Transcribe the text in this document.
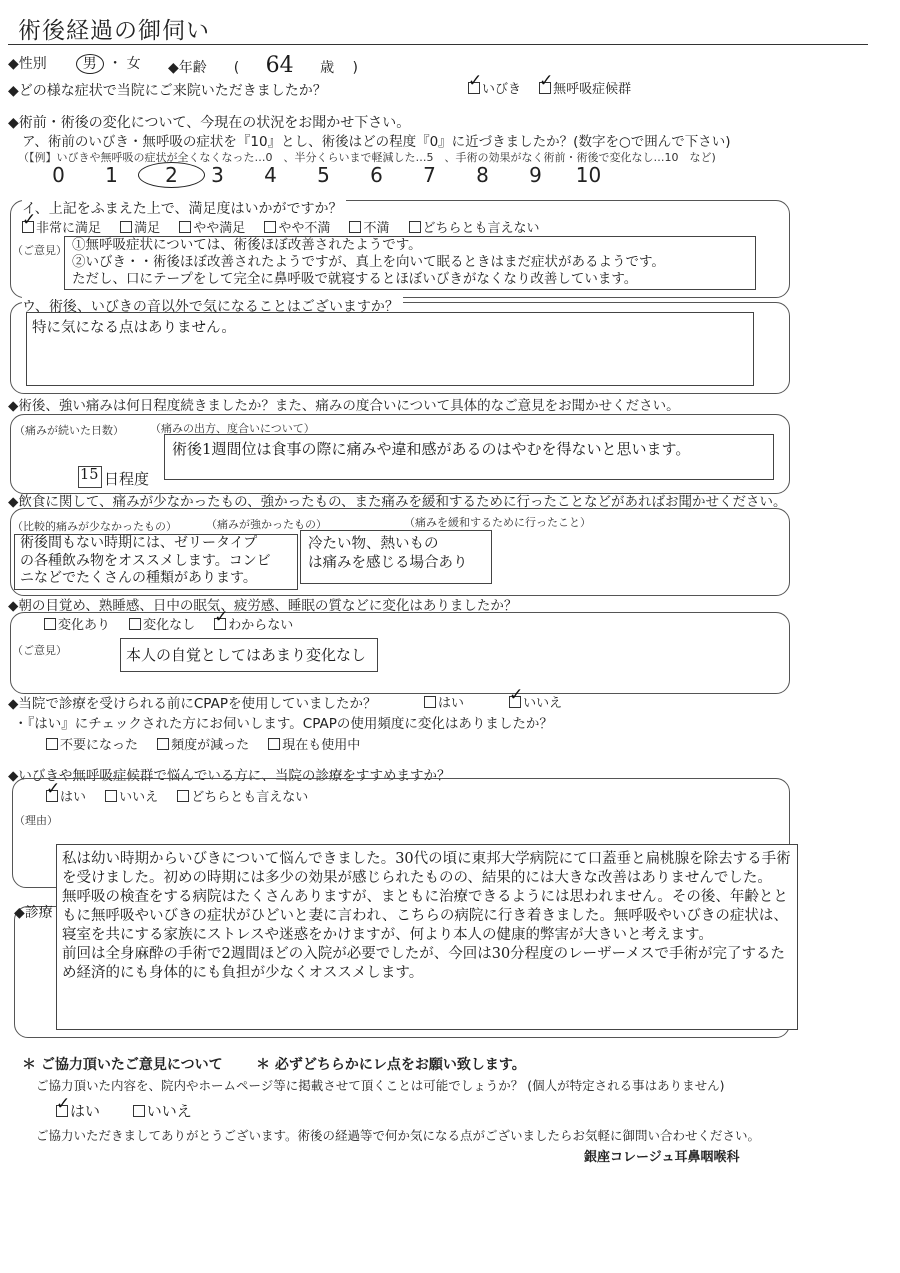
術後経過の御伺い
◆性別	男 ・ 女 ◆年齢 ( 64 歳 )
◆どの様な症状で当院にご来院いただきましたか？ ✓	いびき ✓ 無呼吸症候群
◆術前・術後の変化について、今現在の状況をお聞かせ下さい。
ア、術前のいびき・無呼吸の症状を『10』とし、術後はどの程度『0』に近づきましたか？(数字を○で囲んで下さい)
（【例】いびきや無呼吸の症状が全くなくなった…0　、半分くらいまで軽減した…5　、手術の効果がなく術前・術後で変化なし…10　など)
0 1 2 3 4 5 6 7 8 9 10
イ、上記をふまえた上で、満足度はいかがですか？
✓非常に満足	満足	やや満足	やや不満	不満	どちらとも言えない
（ご意見） ①無呼吸症状については、術後ほぼ改善されたようです。
②いびき・・術後ほぼ改善されたようですが、真上を向いて眠るときはまだ症状があるようです。
ただし、口にテープをして完全に鼻呼吸で就寝するとほぼいびきがなくなり改善しています。
ウ、術後、いびきの音以外で気になることはございますか？
特に気になる点はありません。
◆術後、強い痛みは何日程度続きましたか？また、痛みの度合いについて具体的なご意見をお聞かせください。
（痛みが続いた日数） （痛みの出方、度合いについて）
15 日程度
術後1週間位は食事の際に痛みや違和感があるのはやむを得ないと思います。
◆飲食に関して、痛みが少なかったもの、強かったもの、また痛みを緩和するために行ったことなどがあればお聞かせください。
（比較的痛みが少なかったもの）	（痛みが強かったもの）	（痛みを緩和するために行ったこと）
術後間もない時期には、ゼリータイプ
の各種飲み物をオススメします。コンビ
ニなどでたくさんの種類があります。
冷たい物、熱いもの
は痛みを感じる場合あり
◆朝の目覚め、熟睡感、日中の眠気、疲労感、睡眠の質などに変化はありましたか？
変化あり	変化なし ✓	わからない
（ご意見）	本人の自覚としてはあまり変化なし
◆当院で診療を受けられる前にCPAPを使用していましたか？	はい ✓	いいえ
・『はい』にチェックされた方にお伺いします。CPAPの使用頻度に変化はありましたか？
不要になった	頻度が減った	現在も使用中
◆いびきや無呼吸症候群で悩んでいる方に、当院の診療をすすめますか？
✓はい	いいえ	どちらとも言えない
（理由）
◆診療
私は幼い時期からいびきについて悩んできました。30代の頃に東邦大学病院にて口蓋垂と扁桃腺を除去する手術を受けました。初めの時期には多少の効果が感じられたものの、結果的には大きな改善はありませんでした。
無呼吸の検査をする病院はたくさんありますが、まともに治療できるようには思われません。その後、年齢とともに無呼吸やいびきの症状がひどいと妻に言われ、こちらの病院に行き着きました。無呼吸やいびきの症状は、寝室を共にする家族にストレスや迷惑をかけますが、何より本人の健康的弊害が大きいと考えます。
前回は全身麻酔の手術で2週間ほどの入院が必要でしたが、今回は30分程度のレーザーメスで手術が完了するため経済的にも身体的にも負担が少なくオススメします。
＊ ご協力頂いたご意見について ＊ 必ずどちらかにレ点をお願い致します。
ご協力頂いた内容を、院内やホームページ等に掲載させて頂くことは可能でしょうか？ (個人が特定される事はありません)
✓はい	いいえ
ご協力いただきましてありがとうございます。術後の経過等で何か気になる点がございましたらお気軽に御問い合わせください。
銀座コレージュ耳鼻咽喉科
